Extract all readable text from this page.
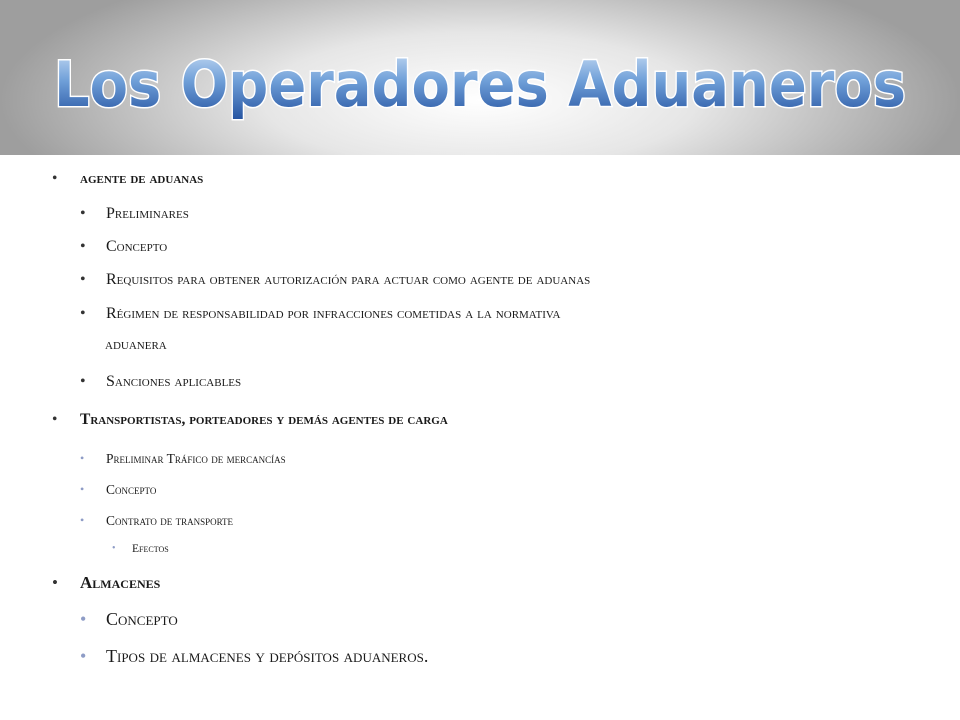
Los Operadores Aduaneros
• agente de aduanas
• Preliminares
• Concepto
• Requisitos para obtener autorización para actuar como agente de aduanas
• Régimen de responsabilidad por infracciones cometidas a la normativa
aduanera
• Sanciones aplicables
• Transportistas, porteadores y demás agentes de carga
• Preliminar Tráfico de mercancías
• Concepto
• Contrato de transporte
• Efectos
• Almacenes
• Concepto
• Tipos de almacenes y depósitos aduaneros.
